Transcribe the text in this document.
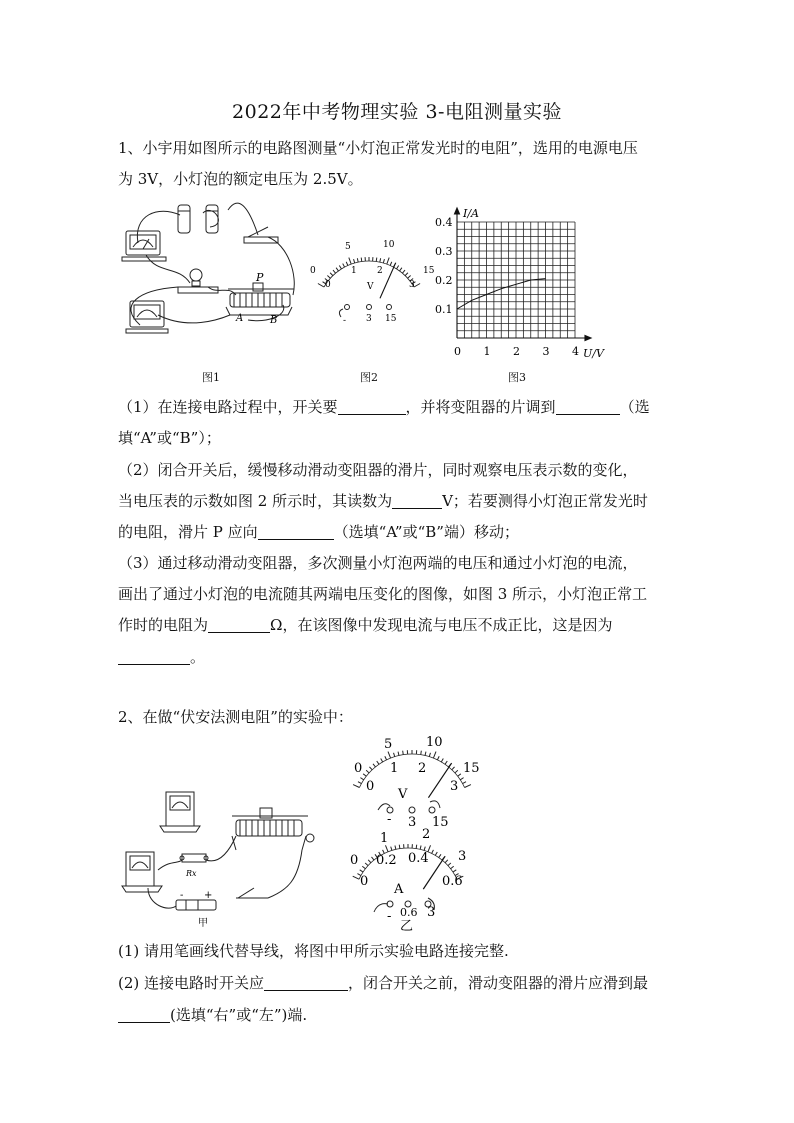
2022年中考物理实验 3-电阻测量实验
1、小宇用如图所示的电路图测量“小灯泡正常发光时的电阻”，选用的电源电压
为 3V，小灯泡的额定电压为 2.5V。
P
A	B
0
5	10
15
0
1 2
3
V
- 3 15
0.1
0.2
0.3
0.4
0 1 2 3 4
I/A
U/V
图1	图2	图3
（1）在连接电路过程中，开关要	，并将变阻器的片调到	（选
填“A”或“B”）；
（2）闭合开关后，缓慢移动滑动变阻器的滑片，同时观察电压表示数的变化，
当电压表的示数如图 2 所示时，其读数为	V；若要测得小灯泡正常发光时
的电阻，滑片 P 应向	（选填“A”或“B”端）移动；
（3）通过移动滑动变阻器，多次测量小灯泡两端的电压和通过小灯泡的电流，
画出了通过小灯泡的电流随其两端电压变化的图像，如图 3 所示，小灯泡正常工
作时的电阻为	Ω，在该图像中发现电流与电压不成正比，这是因为
。
2、在做“伏安法测电阻”的实验中：
Rx
- +
甲
0
5	10
15
0
1 2
3
V
- 3 15
0
1	2
3
0
0.2 0.4
0.6
A
- 0.6 3
乙
(1) 请用笔画线代替导线，将图中甲所示实验电路连接完整.
(2) 连接电路时开关应	，闭合开关之前，滑动变阻器的滑片应滑到最
(选填“右”或“左”)端.
